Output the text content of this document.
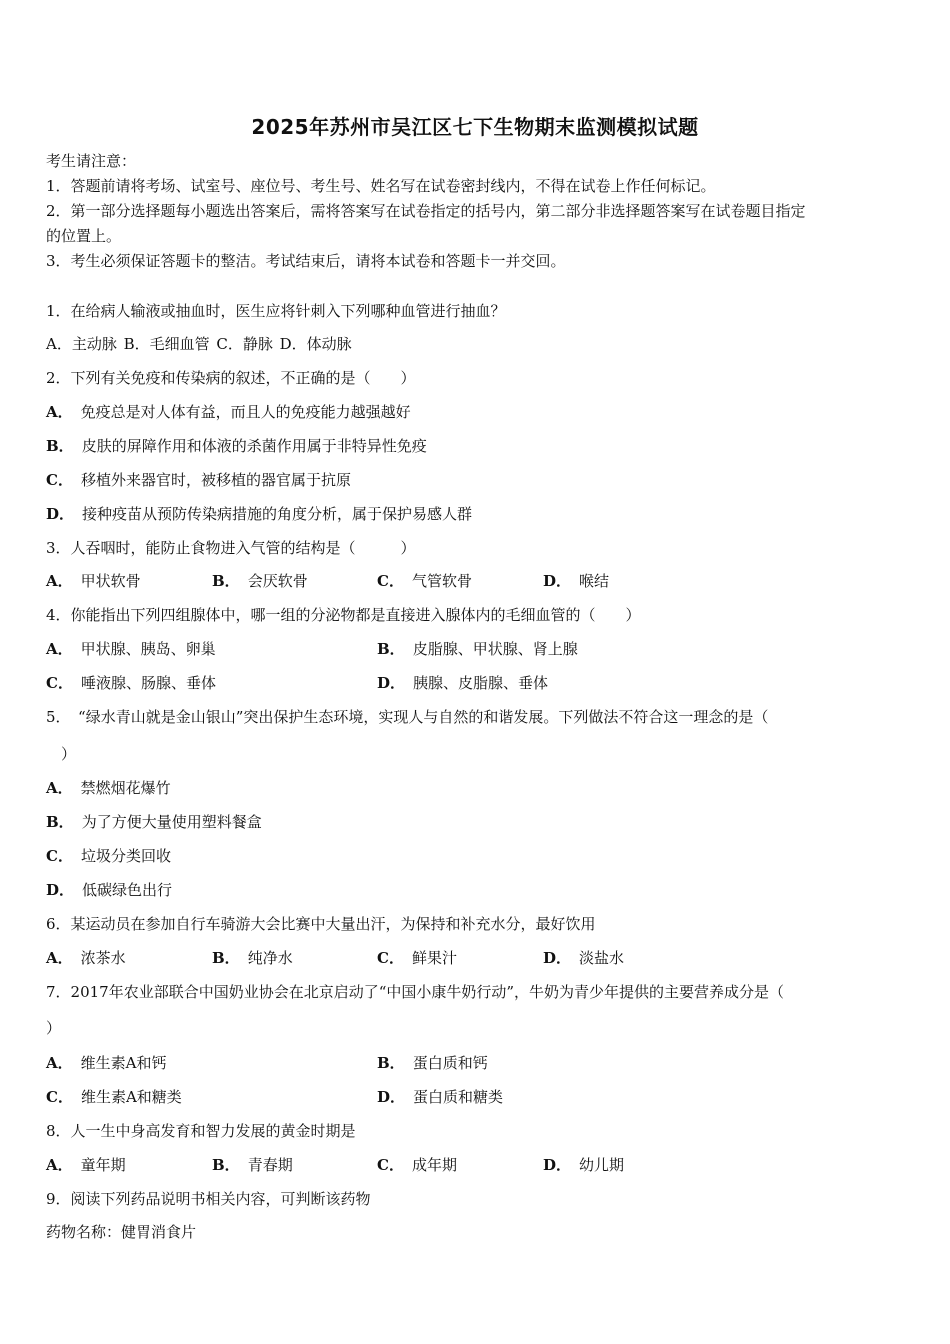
2025年苏州市吴江区七下生物期末监测模拟试题
考生请注意：
1．答题前请将考场、试室号、座位号、考生号、姓名写在试卷密封线内，不得在试卷上作任何标记。
2．第一部分选择题每小题选出答案后，需将答案写在试卷指定的括号内，第二部分非选择题答案写在试卷题目指定
的位置上。
3．考生必须保证答题卡的整洁。考试结束后，请将本试卷和答题卡一并交回。
1．在给病人输液或抽血时，医生应将针刺入下列哪种血管进行抽血？
A．主动脉 B．毛细血管 C．静脉 D．体动脉
2．下列有关免疫和传染病的叙述，不正确的是（　　）
A． 免疫总是对人体有益，而且人的免疫能力越强越好
B． 皮肤的屏障作用和体液的杀菌作用属于非特异性免疫
C． 移植外来器官时，被移植的器官属于抗原
D． 接种疫苗从预防传染病措施的角度分析，属于保护易感人群
3．人吞咽时，能防止食物进入气管的结构是（　　　）
A． 甲状软骨	B． 会厌软骨	C． 气管软骨	D． 喉结
4．你能指出下列四组腺体中，哪一组的分泌物都是直接进入腺体内的毛细血管的（　　）
A． 甲状腺、胰岛、卵巢	B． 皮脂腺、甲状腺、肾上腺
C． 唾液腺、肠腺、垂体	D． 胰腺、皮脂腺、垂体
5．　“绿水青山就是金山银山”突出保护生态环境，实现人与自然的和谐发展。下列做法不符合这一理念的是（
　）
A． 禁燃烟花爆竹
B． 为了方便大量使用塑料餐盒
C． 垃圾分类回收
D． 低碳绿色出行
6．某运动员在参加自行车骑游大会比赛中大量出汗，为保持和补充水分，最好饮用
A． 浓茶水	B． 纯净水	C． 鲜果汁	D． 淡盐水
7．2017年农业部联合中国奶业协会在北京启动了“中国小康牛奶行动”，牛奶为青少年提供的主要营养成分是（
）
A． 维生素A和钙	B． 蛋白质和钙
C． 维生素A和糖类	D． 蛋白质和糖类
8．人一生中身高发育和智力发展的黄金时期是
A． 童年期	B． 青春期	C． 成年期	D． 幼儿期
9．阅读下列药品说明书相关内容，可判断该药物
药物名称：健胃消食片
